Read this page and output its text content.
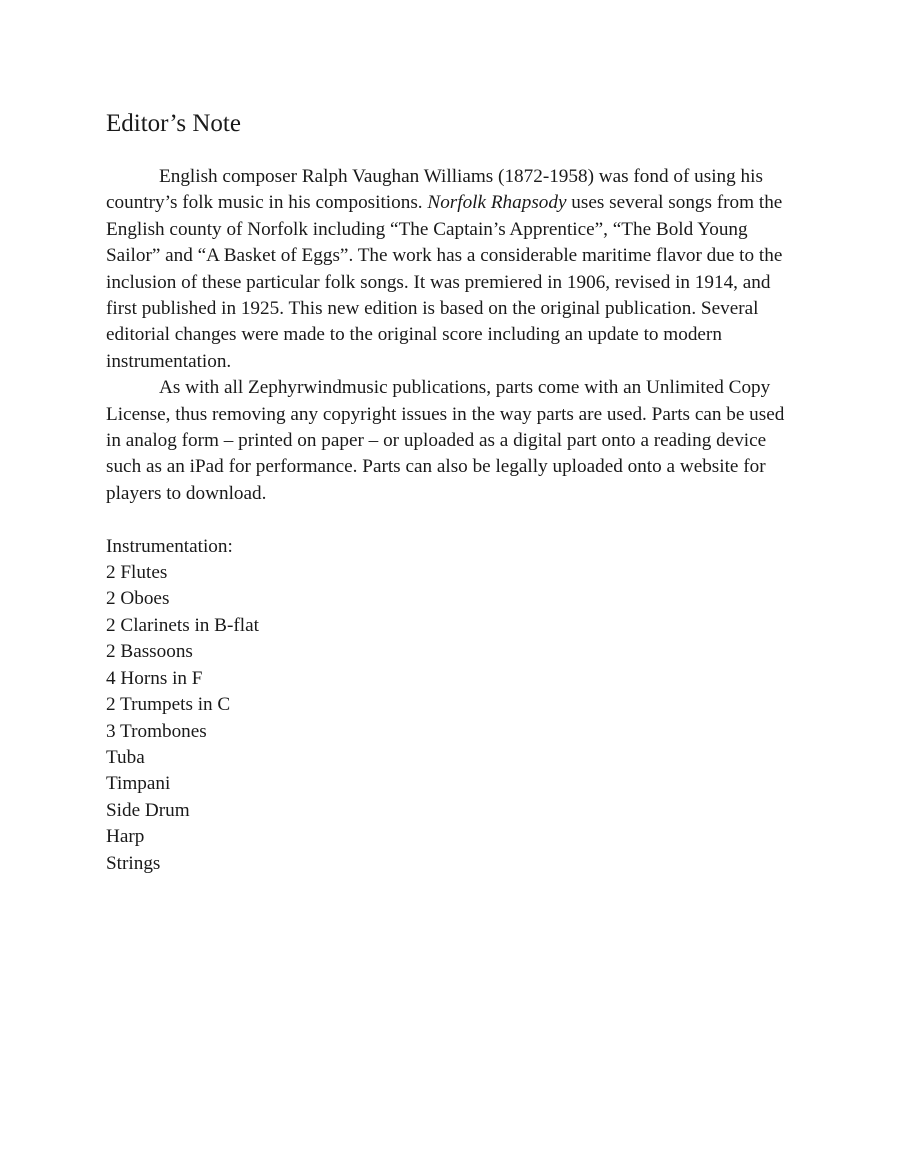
Editor’s Note

English composer Ralph Vaughan Williams (1872-1958) was fond of using his country’s folk music in his compositions. Norfolk Rhapsody uses several songs from the English county of Norfolk including “The Captain’s Apprentice”, “The Bold Young Sailor” and “A Basket of Eggs”. The work has a considerable maritime flavor due to the inclusion of these particular folk songs. It was premiered in 1906, revised in 1914, and first published in 1925. This new edition is based on the original publication. Several editorial changes were made to the original score including an update to modern instrumentation.

As with all Zephyrwindmusic publications, parts come with an Unlimited Copy License, thus removing any copyright issues in the way parts are used. Parts can be used in analog form – printed on paper – or uploaded as a digital part onto a reading device such as an iPad for performance. Parts can also be legally uploaded onto a website for players to download.

Instrumentation:

2 Flutes
2 Oboes
2 Clarinets in B-flat
2 Bassoons
4 Horns in F
2 Trumpets in C
3 Trombones
Tuba
Timpani
Side Drum
Harp
Strings
